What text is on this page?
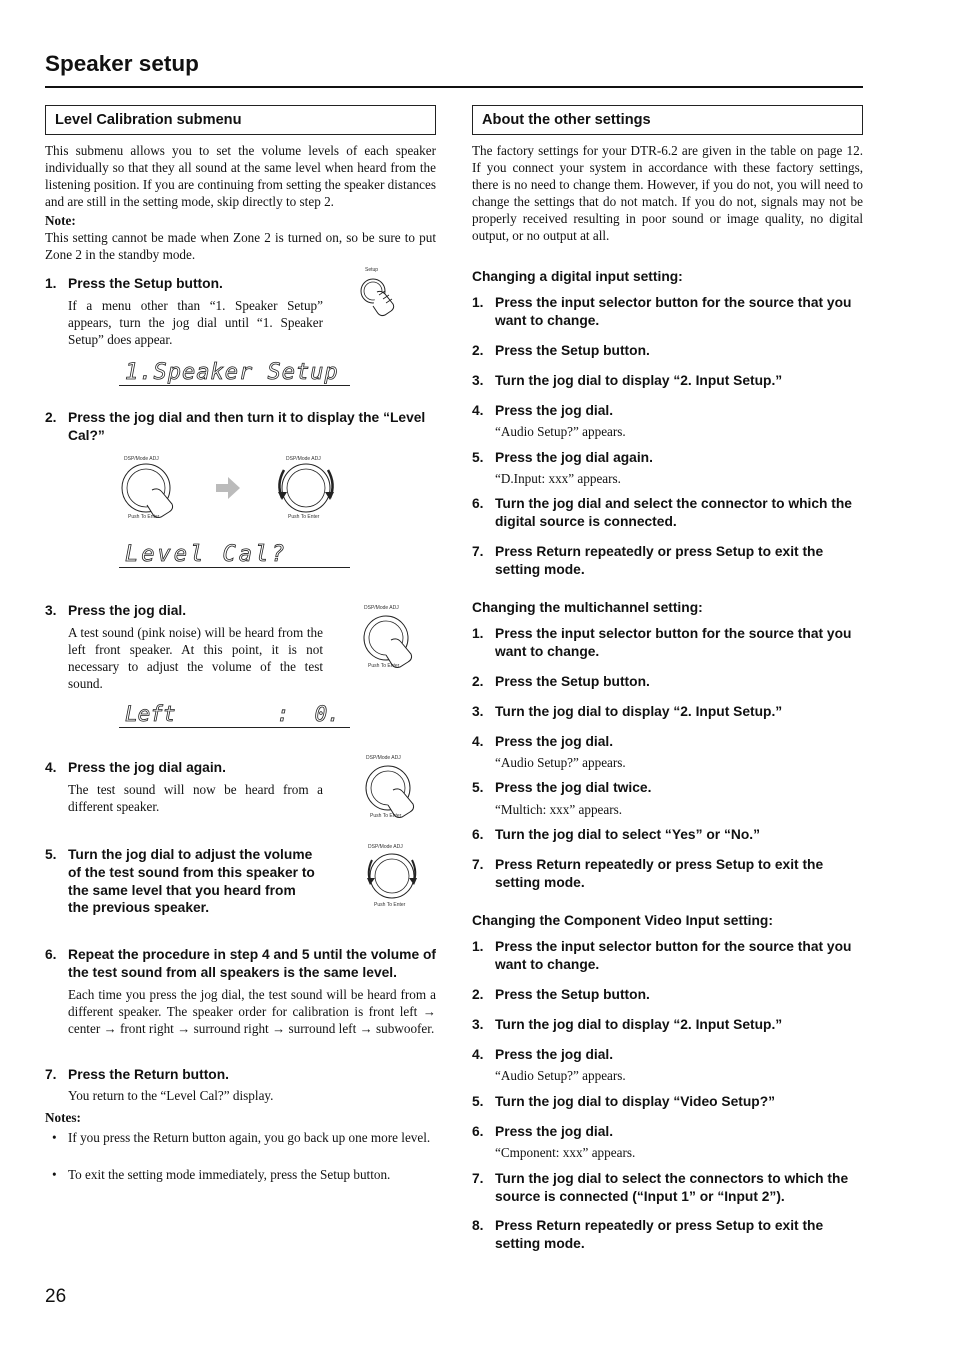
Speaker setup
Level Calibration submenu
This submenu allows you to set the volume levels of each speaker individually so that they all sound at the same level when heard from the listening position. If you are continuing from setting the speaker distances and are still in the setting mode, skip directly to step 2.
Note:
This setting cannot be made when Zone 2 is turned on, so be sure to put Zone 2 in the standby mode.
1. Press the Setup button.
If a menu other than “1. Speaker Setup” appears, turn the jog dial until “1. Speaker Setup” does appear.
Setup
1.Speaker Setup
2. Press the jog dial and then turn it to display the “Level Cal?”
DSP/Mode ADJ
Push To Enter
DSP/Mode ADJ
Push To Enter
Level Cal?
3. Press the jog dial.
A test sound (pink noise) will be heard from the left front speaker. At this point, it is not necessary to adjust the volume of the test sound.
DSP/Mode ADJ
Push To Enter
Left        :  0.
4. Press the jog dial again.
The test sound will now be heard from a different speaker.
DSP/Mode ADJ
Push To Enter
5. Turn the jog dial to adjust the volume of the test sound from this speaker to the same level that you heard from the previous speaker.
DSP/Mode ADJ
Push To Enter
6. Repeat the procedure in step 4 and 5 until the volume of the test sound from all speakers is the same level.
Each time you press the jog dial, the test sound will be heard from a different speaker. The speaker order for calibration is front left → center → front right → surround right → surround left → subwoofer.
7. Press the Return button.
You return to the “Level Cal?” display.
Notes:
• If you press the Return button again, you go back up one more level.
• To exit the setting mode immediately, press the Setup button.
About the other settings
The factory settings for your DTR-6.2 are given in the table on page 12. If you connect your system in accordance with these factory settings, there is no need to change them. However, if you do not, you will need to change the settings that do not match. If you do not, signals may not be properly received resulting in poor sound or image quality, no digital output, or no output at all.
Changing a digital input setting:
1. Press the input selector button for the source that you want to change.
2. Press the Setup button.
3. Turn the jog dial to display “2. Input Setup.”
4. Press the jog dial.
“Audio Setup?” appears.
5. Press the jog dial again.
“D.Input: xxx” appears.
6. Turn the jog dial and select the connector to which the digital source is connected.
7. Press Return repeatedly or press Setup to exit the setting mode.
Changing the multichannel setting:
1. Press the input selector button for the source that you want to change.
2. Press the Setup button.
3. Turn the jog dial to display “2. Input Setup.”
4. Press the jog dial.
“Audio Setup?” appears.
5. Press the jog dial twice.
“Multich: xxx” appears.
6. Turn the jog dial to select “Yes” or “No.”
7. Press Return repeatedly or press Setup to exit the setting mode.
Changing the Component Video Input setting:
1. Press the input selector button for the source that you want to change.
2. Press the Setup button.
3. Turn the jog dial to display “2. Input Setup.”
4. Press the jog dial.
“Audio Setup?” appears.
5. Turn the jog dial to display “Video Setup?”
6. Press the jog dial.
“Cmponent: xxx” appears.
7. Turn the jog dial to select the connectors to which the source is connected (“Input 1” or “Input 2”).
8. Press Return repeatedly or press Setup to exit the setting mode.
26
